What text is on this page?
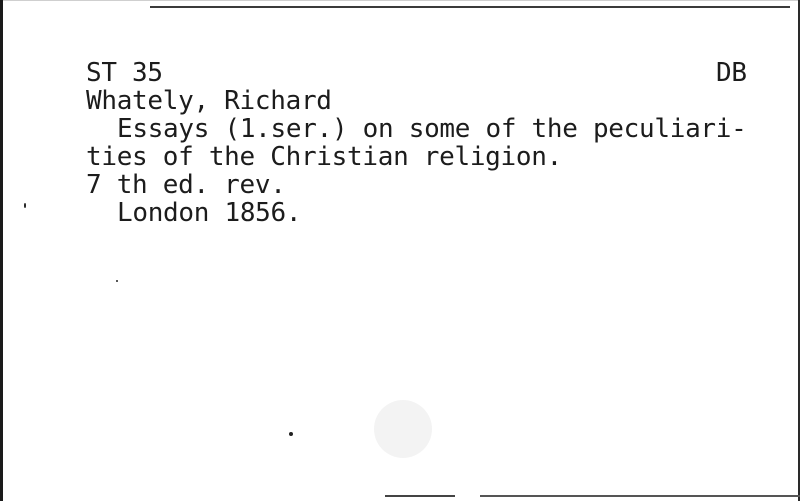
ST 35	DB
Whately, Richard
Essays (1.ser.) on some of the peculiari-
ties of the Christian religion.
7 th ed. rev.
London 1856.
